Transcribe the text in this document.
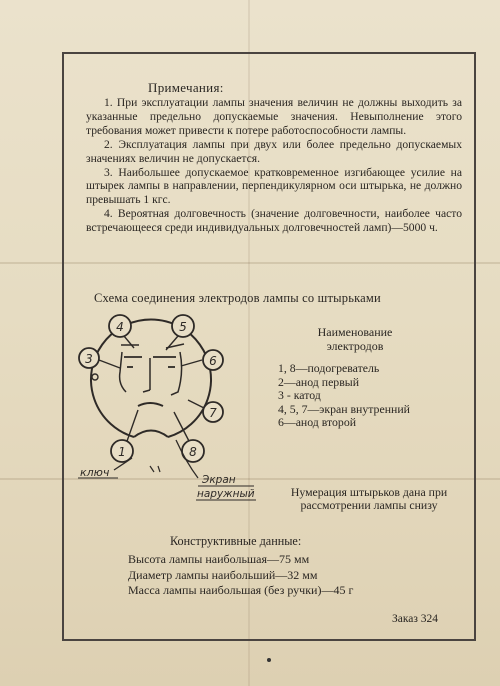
Примечания:

1. При эксплуатации лампы значения величин не должны выходить за указанные предельно допускаемые значения. Невыполнение этого требования может привести к потере работоспособности лампы.

2. Эксплуатация лампы при двух или более предельно допускаемых значениях величин не допускается.

3. Наибольшее допускаемое кратковременное изгибающее усилие на штырек лампы в направлении, перпендикулярном оси штырька, не должно превышать 1 кгс.

4. Вероятная долговечность (значение долговечности, наиболее часто встречающееся среди индивидуальных долговечностей ламп)—5000 ч.

Схема соединения электродов лампы со штырьками
4	5
3	6
7
1	8
ключ
Экран
наружный
Наименование
электродов
1, 8—подогреватель
2—анод первый
3 - катод
4, 5, 7—экран внутренний
6—анод второй
Нумерация штырьков дана при
рассмотрении лампы снизу
Конструктивные данные:
Высота лампы наибольшая—75 мм
Диаметр лампы наибольший—32 мм
Масса лампы наибольшая (без ручки)—45 г
Заказ 324
